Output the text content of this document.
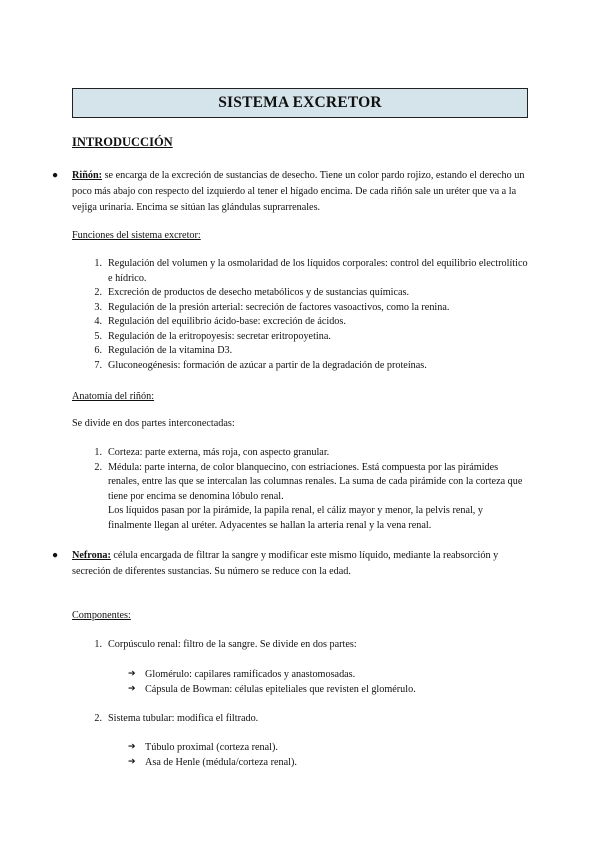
SISTEMA EXCRETOR
INTRODUCCIÓN
● Riñón: se encarga de la excreción de sustancias de desecho. Tiene un color pardo rojizo, estando el derecho un poco más abajo con respecto del izquierdo al tener el hígado encima. De cada riñón sale un uréter que va a la vejiga urinaria. Encima se sitúan las glándulas suprarrenales.

Funciones del sistema excretor:

1. Regulación del volumen y la osmolaridad de los líquidos corporales: control del equilibrio electrolítico e hídrico.
2. Excreción de productos de desecho metabólicos y de sustancias químicas.
3. Regulación de la presión arterial: secreción de factores vasoactivos, como la renina.
4. Regulación del equilibrio ácido-base: excreción de ácidos.
5. Regulación de la eritropoyesis: secretar eritropoyetina.
6. Regulación de la vitamina D3.
7. Gluconeogénesis: formación de azúcar a partir de la degradación de proteínas.

Anatomía del riñón:

Se divide en dos partes interconectadas:

1. Corteza: parte externa, más roja, con aspecto granular.
2. Médula: parte interna, de color blanquecino, con estriaciones. Está compuesta por las pirámides renales, entre las que se intercalan las columnas renales. La suma de cada pirámide con la corteza que tiene por encima se denomina lóbulo renal.
Los líquidos pasan por la pirámide, la papila renal, el cáliz mayor y menor, la pelvis renal, y finalmente llegan al uréter. Adyacentes se hallan la arteria renal y la vena renal.
● Nefrona: célula encargada de filtrar la sangre y modificar este mismo líquido, mediante la reabsorción y secreción de diferentes sustancias. Su número se reduce con la edad.

Componentes:

1. Corpúsculo renal: filtro de la sangre. Se divide en dos partes:
➔ Glomérulo: capilares ramificados y anastomosadas.
➔ Cápsula de Bowman: células epiteliales que revisten el glomérulo.
2. Sistema tubular: modifica el filtrado.
➔ Túbulo proximal (corteza renal).
➔ Asa de Henle (médula/corteza renal).
